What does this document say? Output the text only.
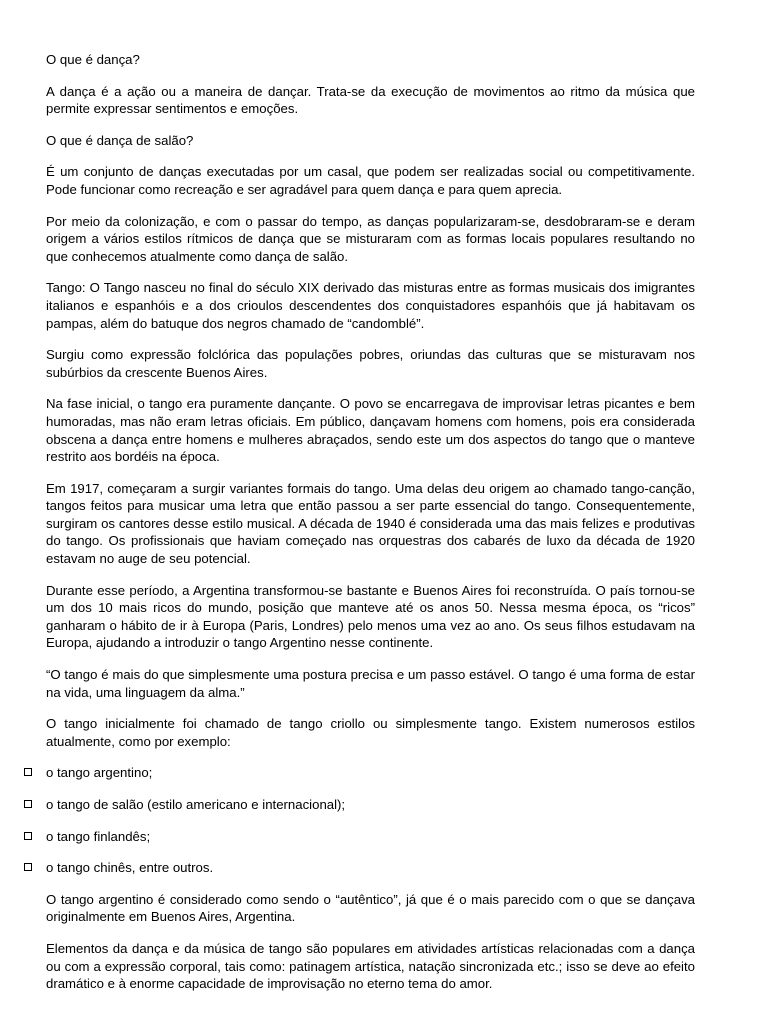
O que é dança?

A dança é a ação ou a maneira de dançar. Trata-se da execução de movimentos ao ritmo da música que permite expressar sentimentos e emoções.

O que é dança de salão?

É um conjunto de danças executadas por um casal, que podem ser realizadas social ou competitivamente. Pode funcionar como recreação e ser agradável para quem dança e para quem aprecia.

Por meio da colonização, e com o passar do tempo, as danças popularizaram-se, desdobraram-se e deram origem a vários estilos rítmicos de dança que se misturaram com as formas locais populares resultando no que conhecemos atualmente como dança de salão.

Tango: O Tango nasceu no final do século XIX derivado das misturas entre as formas musicais dos imigrantes italianos e espanhóis e a dos crioulos descendentes dos conquistadores espanhóis que já habitavam os pampas, além do batuque dos negros chamado de “candomblé”.

Surgiu como expressão folclórica das populações pobres, oriundas das culturas que se misturavam nos subúrbios da crescente Buenos Aires.

Na fase inicial, o tango era puramente dançante. O povo se encarregava de improvisar letras picantes e bem humoradas, mas não eram letras oficiais. Em público, dançavam homens com homens, pois era considerada obscena a dança entre homens e mulheres abraçados, sendo este um dos aspectos do tango que o manteve restrito aos bordéis na época.

Em 1917, começaram a surgir variantes formais do tango. Uma delas deu origem ao chamado tango-canção, tangos feitos para musicar uma letra que então passou a ser parte essencial do tango. Consequentemente, surgiram os cantores desse estilo musical. A década de 1940 é considerada uma das mais felizes e produtivas do tango. Os profissionais que haviam começado nas orquestras dos cabarés de luxo da década de 1920 estavam no auge de seu potencial.

Durante esse período, a Argentina transformou-se bastante e Buenos Aires foi reconstruída. O país tornou-se um dos 10 mais ricos do mundo, posição que manteve até os anos 50. Nessa mesma época, os “ricos” ganharam o hábito de ir à Europa (Paris, Londres) pelo menos uma vez ao ano. Os seus filhos estudavam na Europa, ajudando a introduzir o tango Argentino nesse continente.

“O tango é mais do que simplesmente uma postura precisa e um passo estável. O tango é uma forma de estar na vida, uma linguagem da alma.”

O tango inicialmente foi chamado de tango criollo ou simplesmente tango. Existem numerosos estilos atualmente, como por exemplo:

o tango argentino;
o tango de salão (estilo americano e internacional);
o tango finlandês;
o tango chinês, entre outros.

O tango argentino é considerado como sendo o “autêntico”, já que é o mais parecido com o que se dançava originalmente em Buenos Aires, Argentina.

Elementos da dança e da música de tango são populares em atividades artísticas relacionadas com a dança ou com a expressão corporal, tais como: patinagem artística, natação sincronizada etc.; isso se deve ao efeito dramático e à enorme capacidade de improvisação no eterno tema do amor.
